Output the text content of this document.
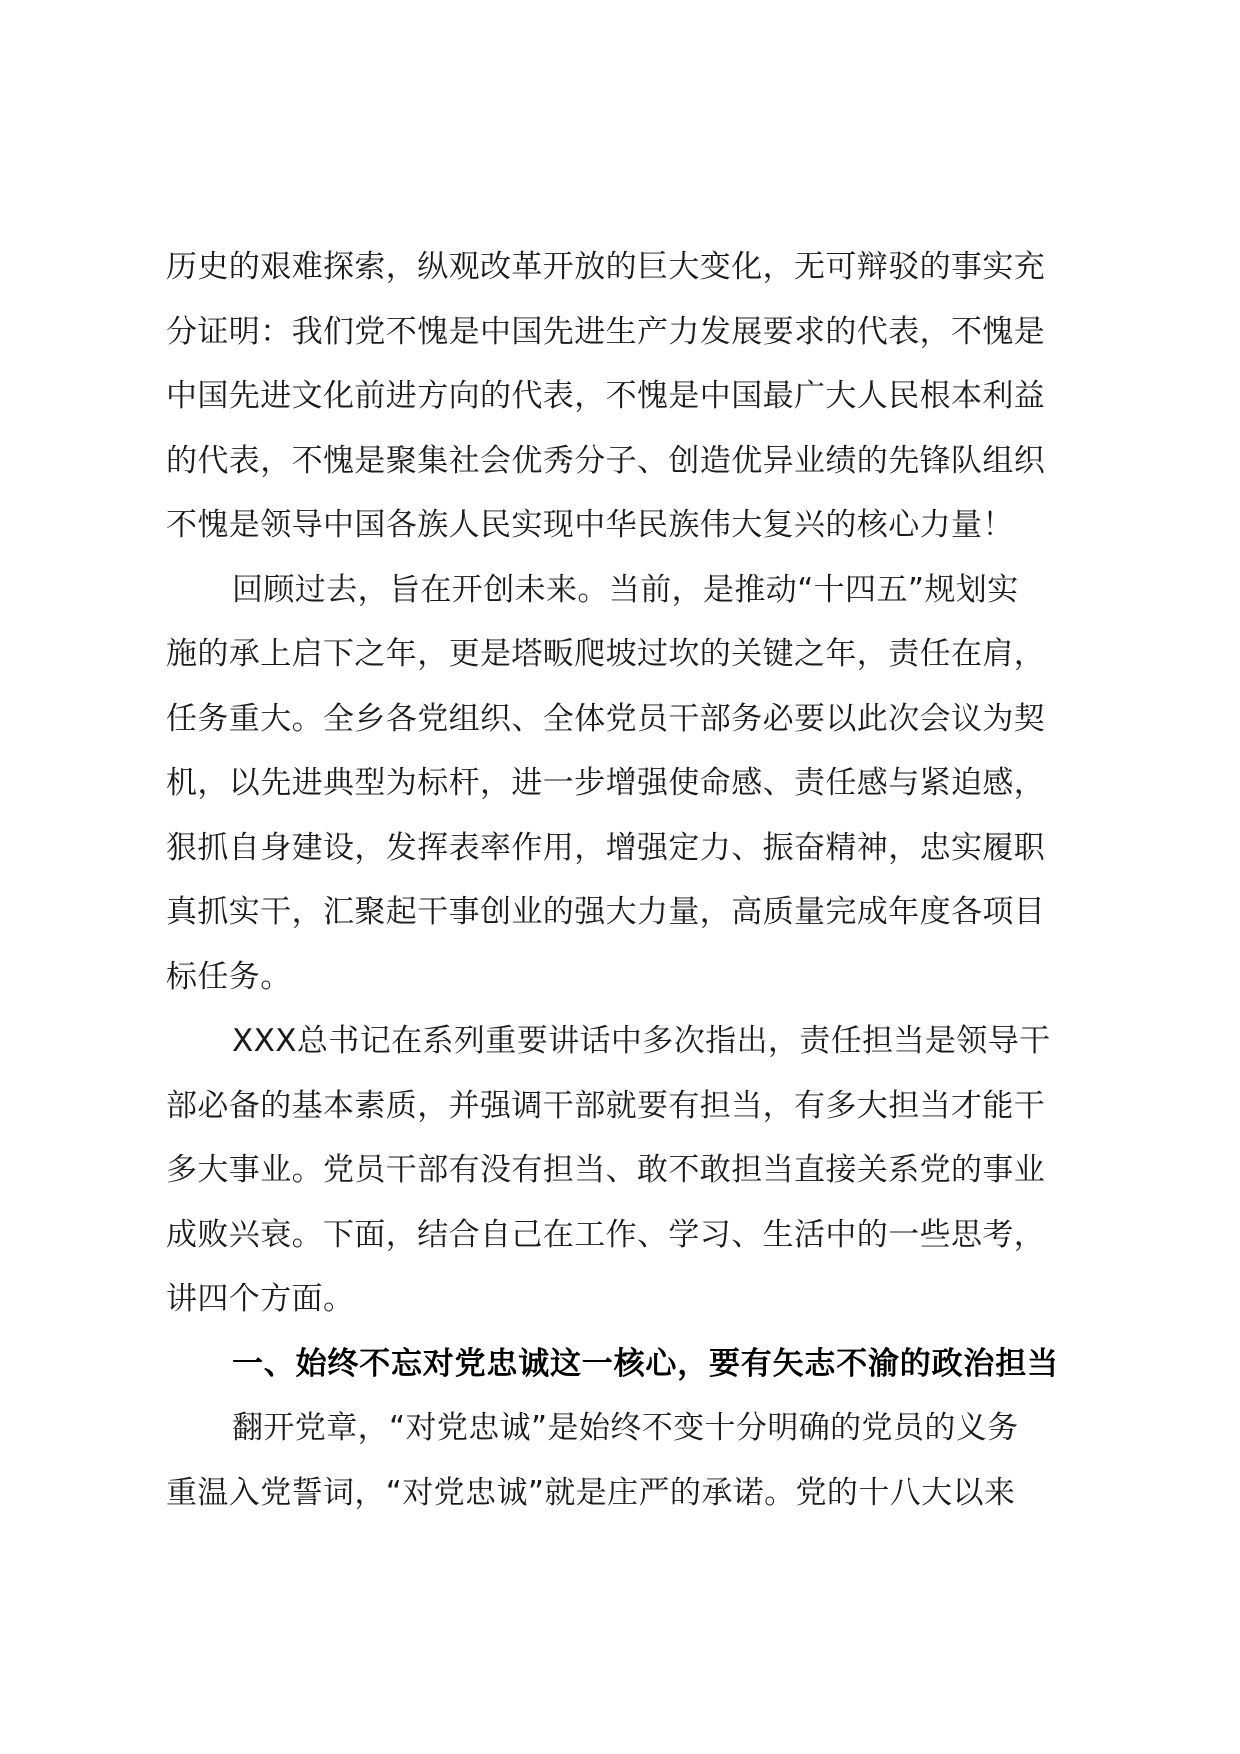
历史的艰难探索，纵观改革开放的巨大变化，无可辩驳的事实充
分证明：我们党不愧是中国先进生产力发展要求的代表，不愧是
中国先进文化前进方向的代表，不愧是中国最广大人民根本利益
的代表，不愧是聚集社会优秀分子、创造优异业绩的先锋队组织
不愧是领导中国各族人民实现中华民族伟大复兴的核心力量！
回顾过去，旨在开创未来。当前，是推动“十四五”规划实
施的承上启下之年，更是塔畈爬坡过坎的关键之年，责任在肩，
任务重大。全乡各党组织、全体党员干部务必要以此次会议为契
机，以先进典型为标杆，进一步增强使命感、责任感与紧迫感，
狠抓自身建设，发挥表率作用，增强定力、振奋精神，忠实履职
真抓实干，汇聚起干事创业的强大力量，高质量完成年度各项目
标任务。
XXX总书记在系列重要讲话中多次指出，责任担当是领导干
部必备的基本素质，并强调干部就要有担当，有多大担当才能干
多大事业。党员干部有没有担当、敢不敢担当直接关系党的事业
成败兴衰。下面，结合自己在工作、学习、生活中的一些思考，
讲四个方面。
一、始终不忘对党忠诚这一核心，要有矢志不渝的政治担当
翻开党章，“对党忠诚”是始终不变十分明确的党员的义务
重温入党誓词，“对党忠诚”就是庄严的承诺。党的十八大以来
